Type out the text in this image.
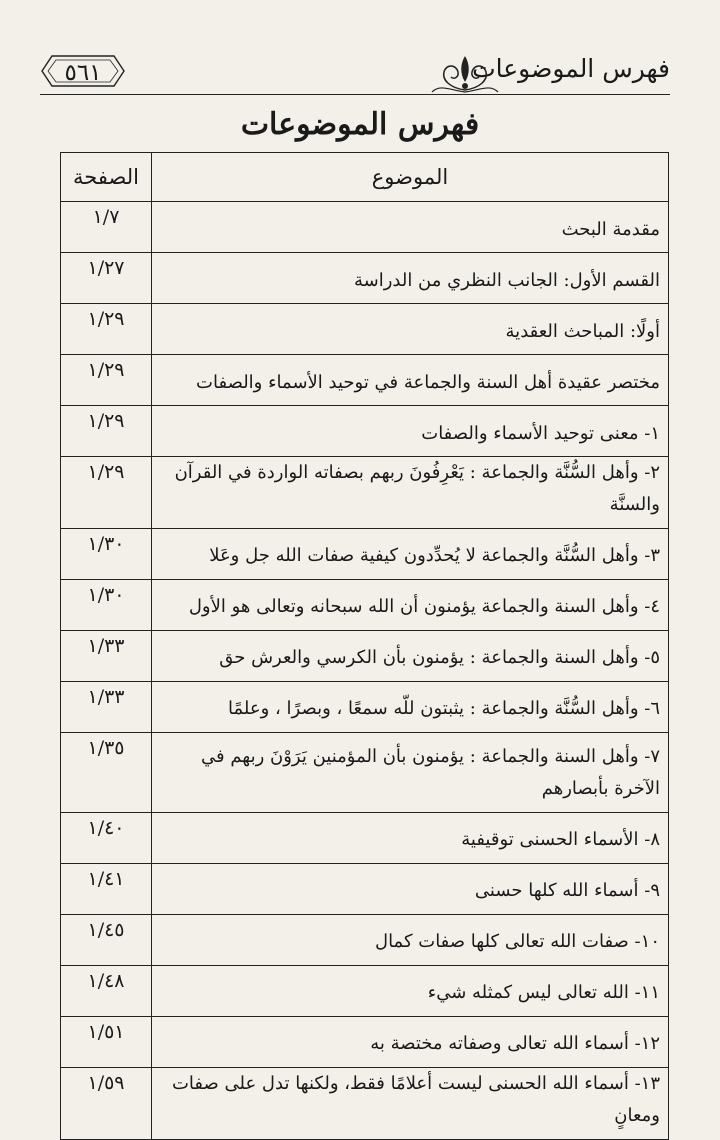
فهرس الموضوعات
٥٦١
فهرس الموضوعات
الموضوع	الصفحة
مقدمة البحث	١/٧
القسم الأول: الجانب النظري من الدراسة	١/٢٧
أولًا: المباحث العقدية	١/٢٩
مختصر عقيدة أهل السنة والجماعة في توحيد الأسماء والصفات	١/٢٩
١- معنى توحيد الأسماء والصفات	١/٢٩
٢- وأهل السُّنَّة والجماعة : يَعْرِفُونَ ربهم بصفاته الواردة في القرآن والسنَّة	١/٢٩
٣- وأهل السُّنَّة والجماعة لا يُحدِّدون كيفية صفات الله جل وعَلا	١/٣٠
٤- وأهل السنة والجماعة يؤمنون أن الله سبحانه وتعالى هو الأول	١/٣٠
٥- وأهل السنة والجماعة : يؤمنون بأن الكرسي والعرش حق	١/٣٣
٦- وأهل السُّنَّة والجماعة : يثبتون للّه سمعًا ، وبصرًا ، وعلمًا	١/٣٣
٧- وأهل السنة والجماعة : يؤمنون بأن المؤمنين يَرَوْنَ ربهم في الآخرة بأبصارهم	١/٣٥
٨- الأسماء الحسنى توقيفية	١/٤٠
٩- أسماء الله كلها حسنى	١/٤١
١٠- صفات الله تعالى كلها صفات كمال	١/٤٥
١١- الله تعالى ليس كمثله شيء	١/٤٨
١٢- أسماء الله تعالى وصفاته مختصة به	١/٥١
١٣- أسماء الله الحسنى ليست أعلامًا فقط، ولكنها تدل على صفات ومعانٍ	١/٥٩
